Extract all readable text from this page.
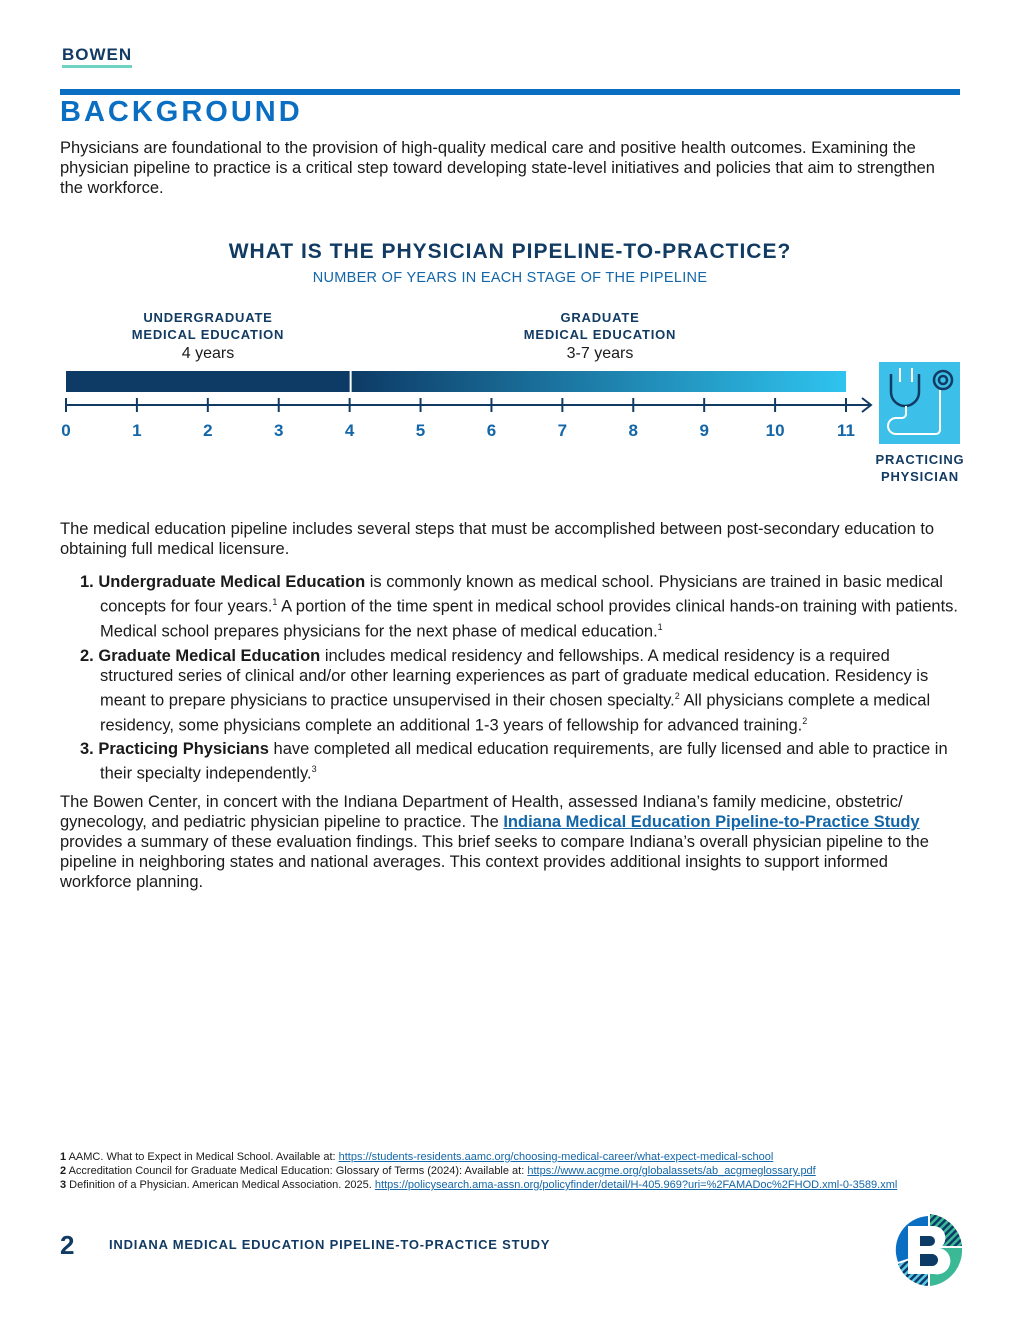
BOWEN
BACKGROUND
Physicians are foundational to the provision of high-quality medical care and positive health outcomes. Examining the physician pipeline to practice is a critical step toward developing state-level initiatives and policies that aim to strengthen the workforce.
WHAT IS THE PHYSICIAN PIPELINE-TO-PRACTICE?
NUMBER OF YEARS IN EACH STAGE OF THE PIPELINE
UNDERGRADUATE
MEDICAL EDUCATION
4 years
GRADUATE
MEDICAL EDUCATION
3-7 years
0	1	2	3	4	5	6	7	8	9	10	11
PRACTICING
PHYSICIAN
The medical education pipeline includes several steps that must be accomplished between post-secondary education to obtaining full medical licensure.
1. Undergraduate Medical Education is commonly known as medical school. Physicians are trained in basic medical concepts for four years.$^1$ A portion of the time spent in medical school provides clinical hands-on training with patients. Medical school prepares physicians for the next phase of medical education.$^1$
2. Graduate Medical Education includes medical residency and fellowships. A medical residency is a required structured series of clinical and/or other learning experiences as part of graduate medical education. Residency is meant to prepare physicians to practice unsupervised in their chosen specialty.$^2$ All physicians complete a medical residency, some physicians complete an additional 1-3 years of fellowship for advanced training.$^2$
3. Practicing Physicians have completed all medical education requirements, are fully licensed and able to practice in their specialty independently.$^3$
The Bowen Center, in concert with the Indiana Department of Health, assessed Indiana’s family medicine, obstetric/ gynecology, and pediatric physician pipeline to practice. The Indiana Medical Education Pipeline-to-Practice Study provides a summary of these evaluation findings. This brief seeks to compare Indiana’s overall physician pipeline to the pipeline in neighboring states and national averages. This context provides additional insights to support informed workforce planning.
1 AAMC. What to Expect in Medical School. Available at: https://students-residents.aamc.org/choosing-medical-career/what-expect-medical-school
2 Accreditation Council for Graduate Medical Education: Glossary of Terms (2024): Available at: https://www.acgme.org/globalassets/ab_acgmeglossary.pdf
3 Definition of a Physician. American Medical Association. 2025. https://policysearch.ama-assn.org/policyfinder/detail/H-405.969?uri=%2FAMADoc%2FHOD.xml-0-3589.xml
2	INDIANA MEDICAL EDUCATION PIPELINE-TO-PRACTICE STUDY
